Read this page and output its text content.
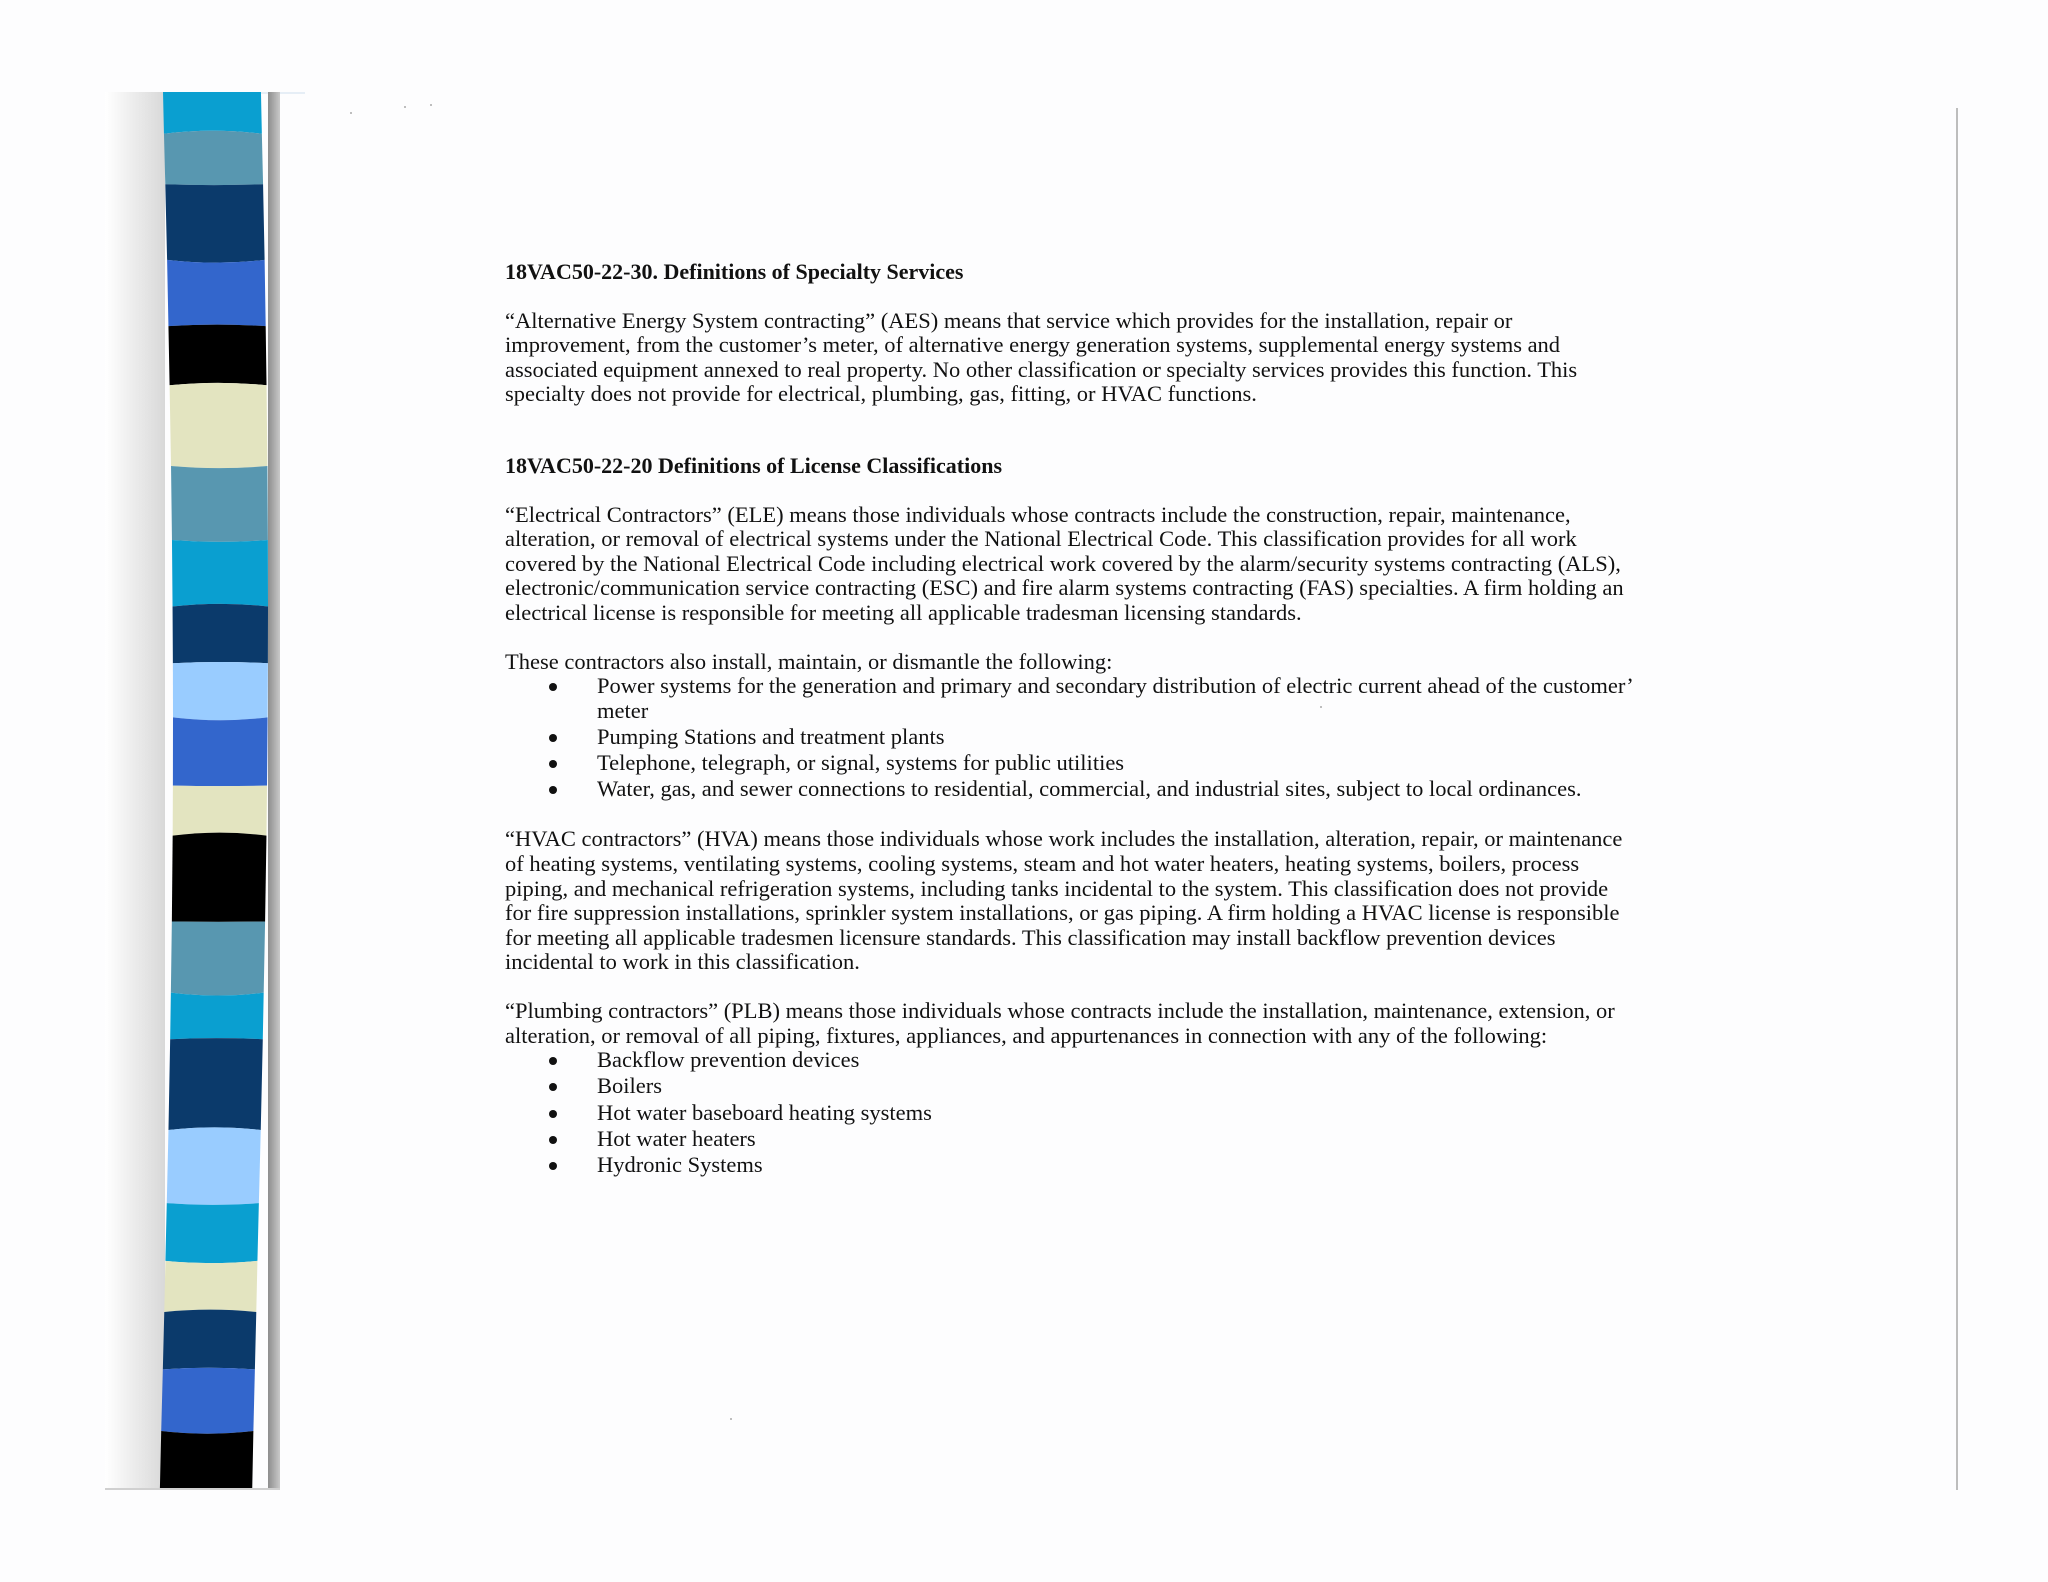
18VAC50-22-30. Definitions of Specialty Services

“Alternative Energy System contracting” (AES) means that service which provides for the installation, repair or improvement, from the customer’s meter, of alternative energy generation systems, supplemental energy systems and associated equipment annexed to real property. No other classification or specialty services provides this function. This specialty does not provide for electrical, plumbing, gas, fitting, or HVAC functions.

18VAC50-22-20 Definitions of License Classifications

“Electrical Contractors” (ELE) means those individuals whose contracts include the construction, repair, maintenance, alteration, or removal of electrical systems under the National Electrical Code. This classification provides for all work covered by the National Electrical Code including electrical work covered by the alarm/security systems contracting (ALS), electronic/communication service contracting (ESC) and fire alarm systems contracting (FAS) specialties. A firm holding an electrical license is responsible for meeting all applicable tradesman licensing standards.

These contractors also install, maintain, or dismantle the following:

Power systems for the generation and primary and secondary distribution of electric current ahead of the customer’ meter
Pumping Stations and treatment plants
Telephone, telegraph, or signal, systems for public utilities
Water, gas, and sewer connections to residential, commercial, and industrial sites, subject to local ordinances.

“HVAC contractors” (HVA) means those individuals whose work includes the installation, alteration, repair, or maintenance of heating systems, ventilating systems, cooling systems, steam and hot water heaters, heating systems, boilers, process piping, and mechanical refrigeration systems, including tanks incidental to the system. This classification does not provide for fire suppression installations, sprinkler system installations, or gas piping. A firm holding a HVAC license is responsible for meeting all applicable tradesmen licensure standards. This classification may install backflow prevention devices incidental to work in this classification.

“Plumbing contractors” (PLB) means those individuals whose contracts include the installation, maintenance, extension, or alteration, or removal of all piping, fixtures, appliances, and appurtenances in connection with any of the following:

Backflow prevention devices
Boilers
Hot water baseboard heating systems
Hot water heaters
Hydronic Systems
